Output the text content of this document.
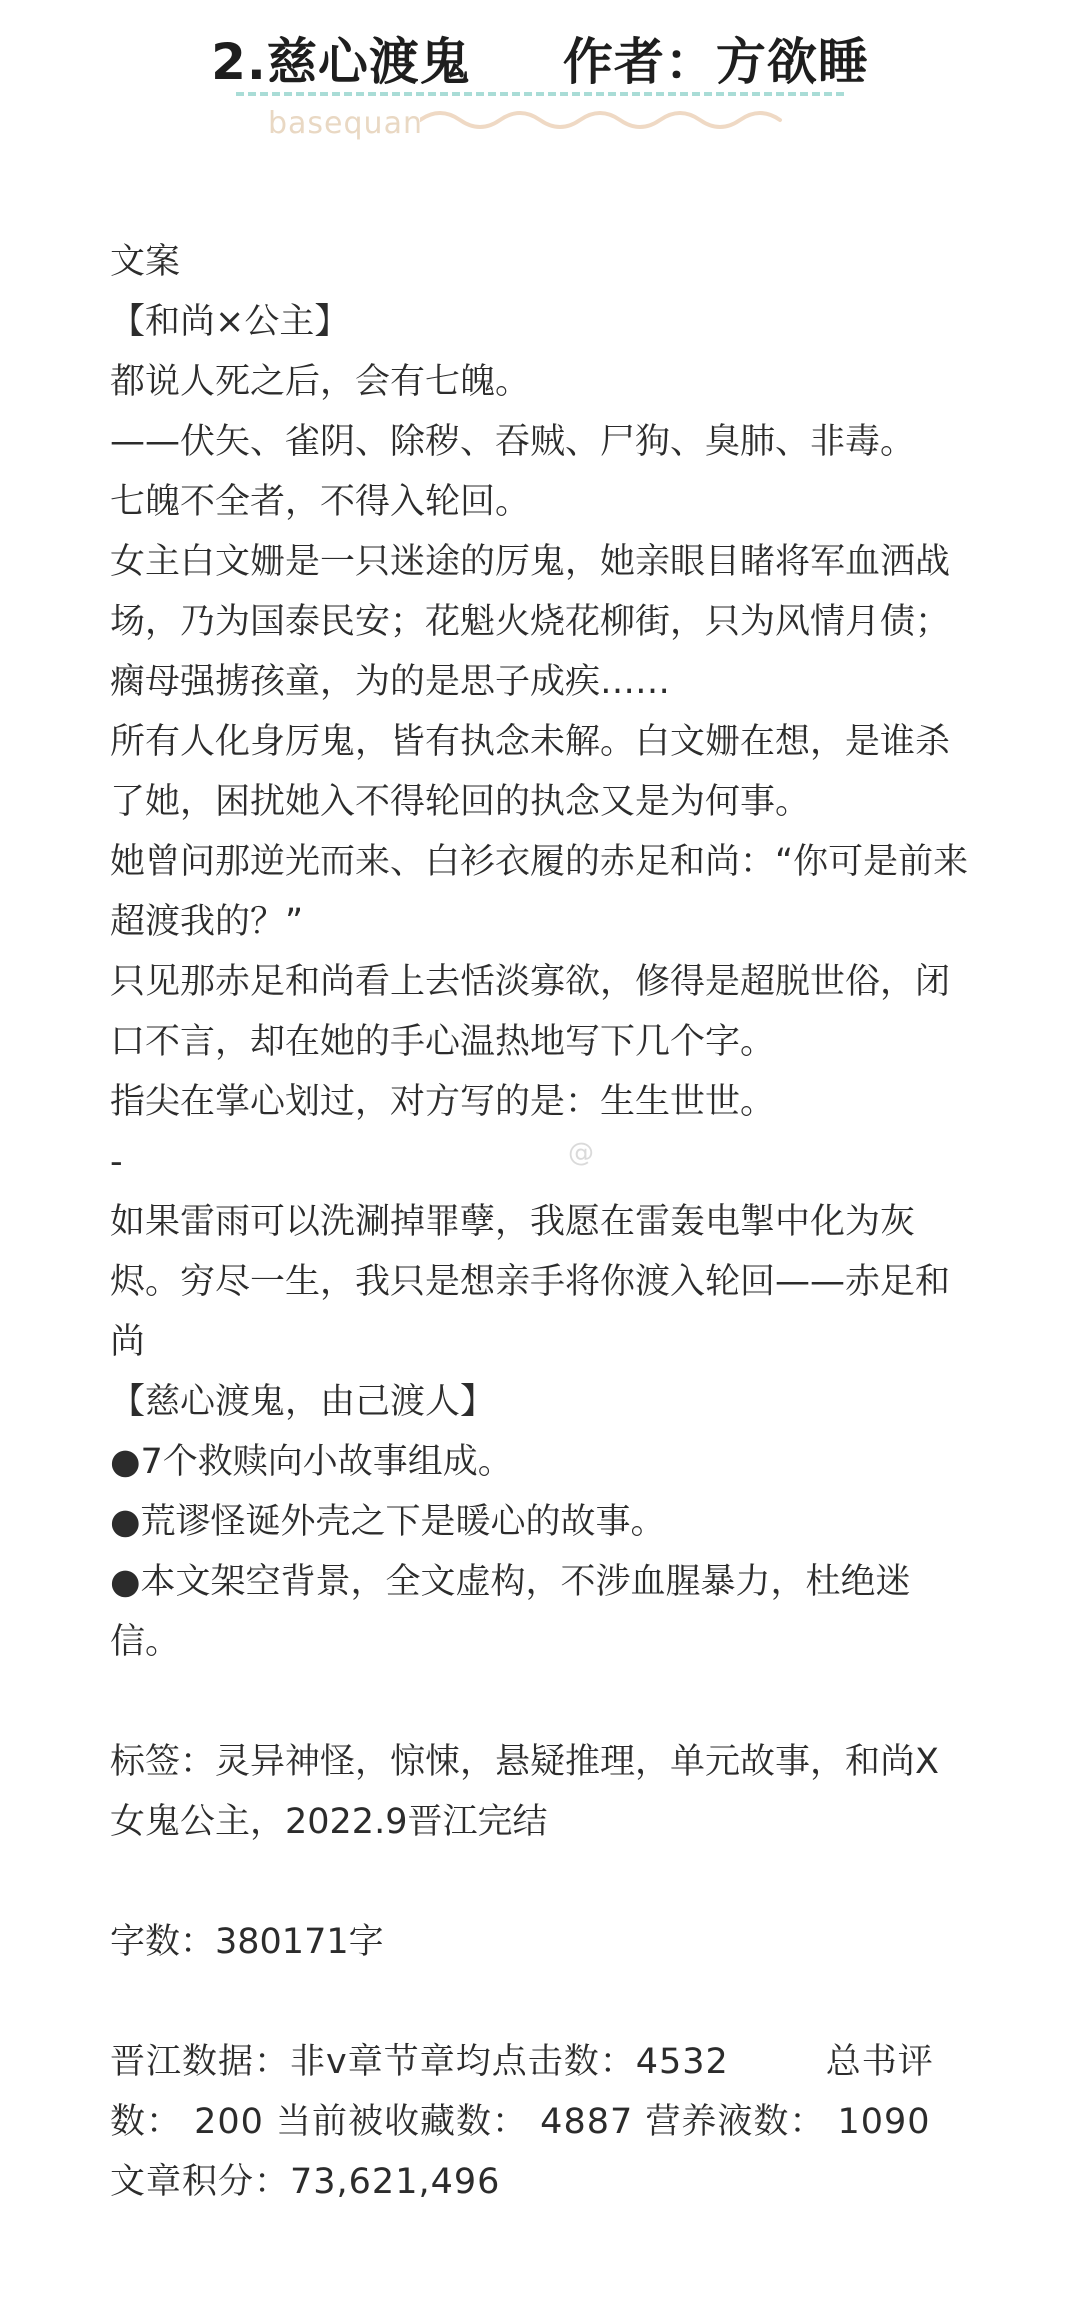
2.慈心渡鬼     作者：方欲睡
basequan

文案

【和尚×公主】

都说人死之后，会有七魄。

——伏矢、雀阴、除秽、吞贼、尸狗、臭肺、非毒。

七魄不全者，不得入轮回。

女主白文姗是一只迷途的厉鬼，她亲眼目睹将军血洒战场，乃为国泰民安；花魁火烧花柳街，只为风情月债；瘸母强掳孩童，为的是思子成疾……

所有人化身厉鬼，皆有执念未解。白文姗在想，是谁杀了她，困扰她入不得轮回的执念又是为何事。

她曾问那逆光而来、白衫衣履的赤足和尚：“你可是前来超渡我的？”

只见那赤足和尚看上去恬淡寡欲，修得是超脱世俗，闭口不言，却在她的手心温热地写下几个字。

指尖在掌心划过，对方写的是：生生世世。

-

如果雷雨可以洗涮掉罪孽，我愿在雷轰电掣中化为灰烬。穷尽一生，我只是想亲手将你渡入轮回——赤足和尚

【慈心渡鬼，由己渡人】

●7个救赎向小故事组成。

●荒谬怪诞外壳之下是暖心的故事。

●本文架空背景，全文虚构，不涉血腥暴力，杜绝迷信。

标签：灵异神怪，惊悚，悬疑推理，单元故事，和尚X女鬼公主，2022.9晋江完结

字数：380171字

晋江数据：非v章节章均点击数：4532        总书评数： 200 当前被收藏数： 4887 营养液数： 1090 文章积分：73,621,496

@
